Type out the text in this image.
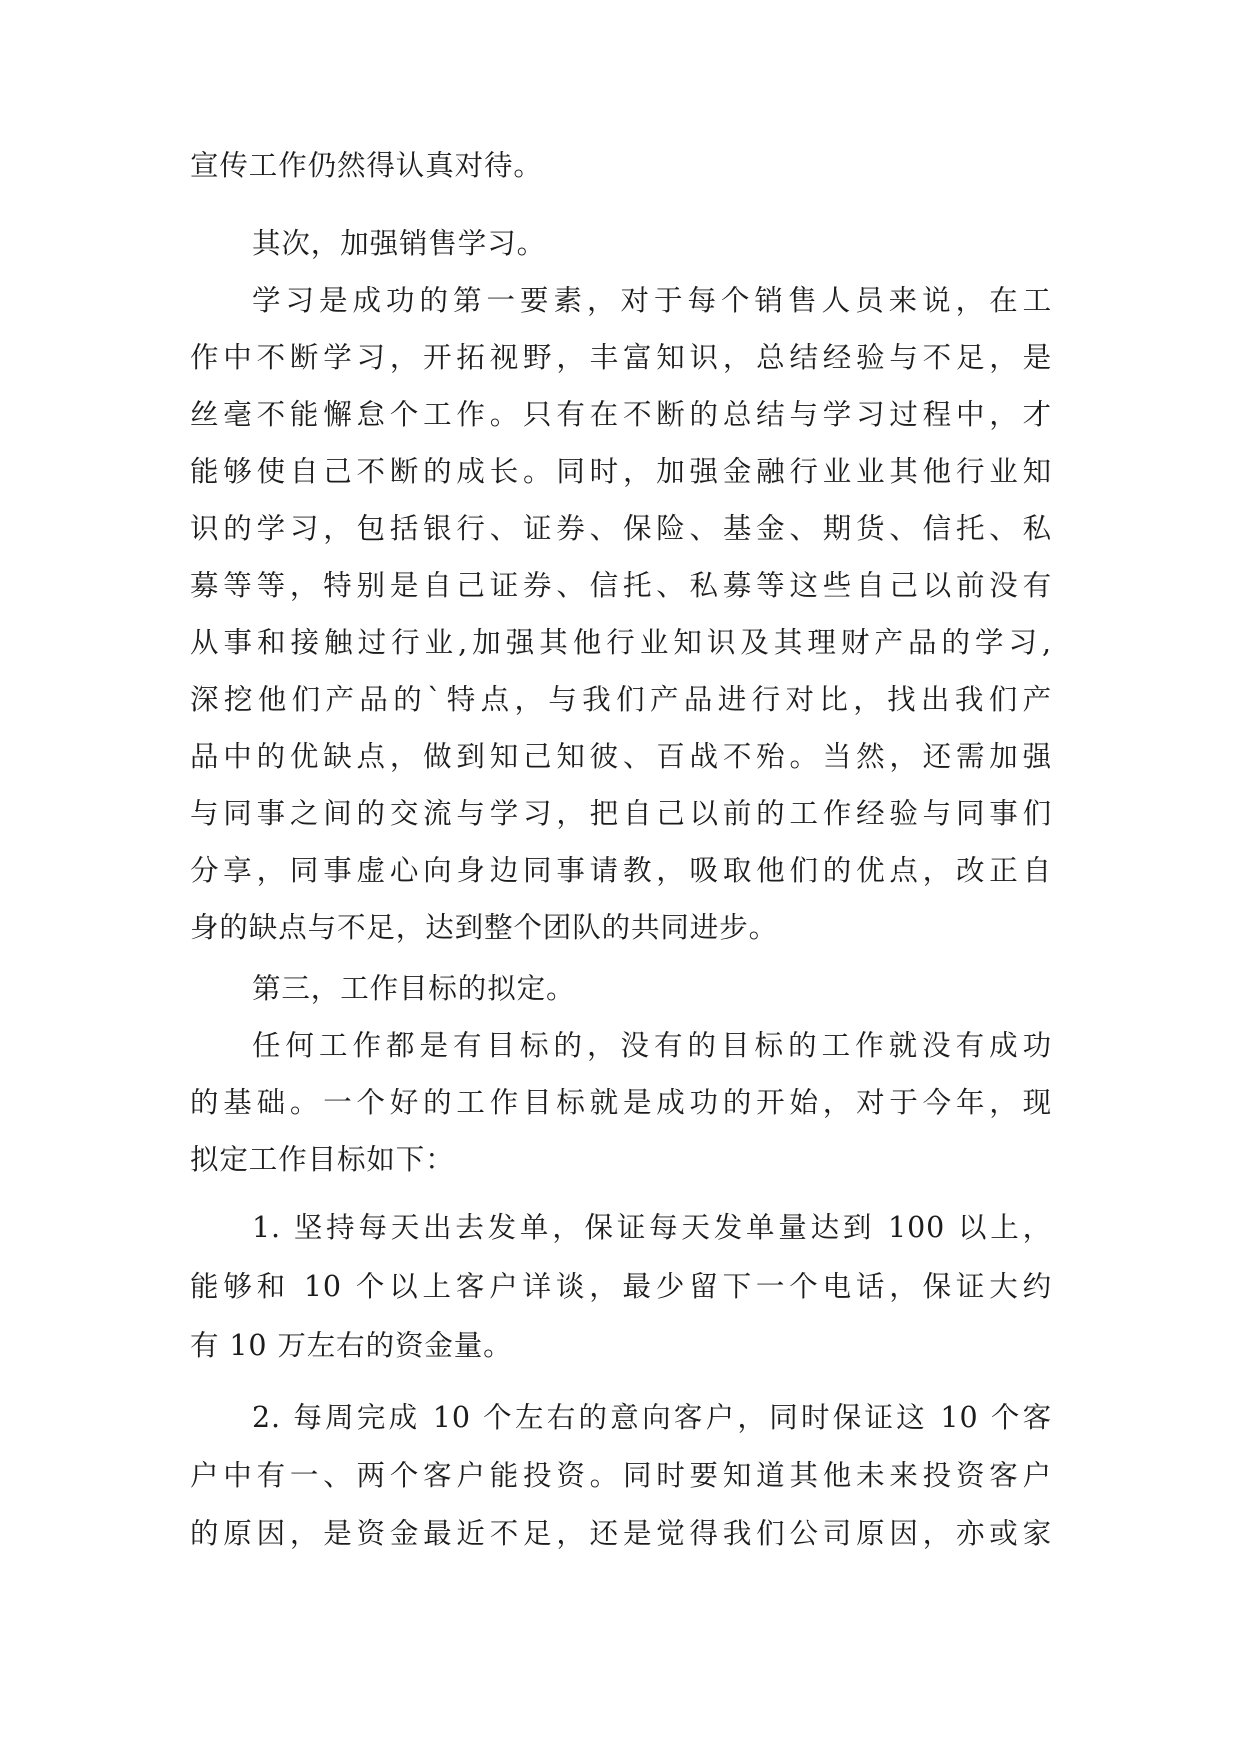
宣传工作仍然得认真对待。
其次，加强销售学习。
学习是成功的第一要素，对于每个销售人员来说，在工
作中不断学习，开拓视野，丰富知识，总结经验与不足，是
丝毫不能懈怠个工作。只有在不断的总结与学习过程中，才
能够使自己不断的成长。同时，加强金融行业业其他行业知
识的学习，包括银行、证券、保险、基金、期货、信托、私
募等等，特别是自己证券、信托、私募等这些自己以前没有
从事和接触过行业,加强其他行业知识及其理财产品的学习,
深挖他们产品的`特点，与我们产品进行对比，找出我们产
品中的优缺点，做到知己知彼、百战不殆。当然，还需加强
与同事之间的交流与学习，把自己以前的工作经验与同事们
分享，同事虚心向身边同事请教，吸取他们的优点，改正自
身的缺点与不足，达到整个团队的共同进步。
第三，工作目标的拟定。
任何工作都是有目标的，没有的目标的工作就没有成功
的基础。一个好的工作目标就是成功的开始，对于今年，现
拟定工作目标如下：
1. 坚持每天出去发单，保证每天发单量达到 100 以上，
能够和 10 个以上客户详谈，最少留下一个电话，保证大约
有 10 万左右的资金量。
2. 每周完成 10 个左右的意向客户，同时保证这 10 个客
户中有一、两个客户能投资。同时要知道其他未来投资客户
的原因，是资金最近不足，还是觉得我们公司原因，亦或家
